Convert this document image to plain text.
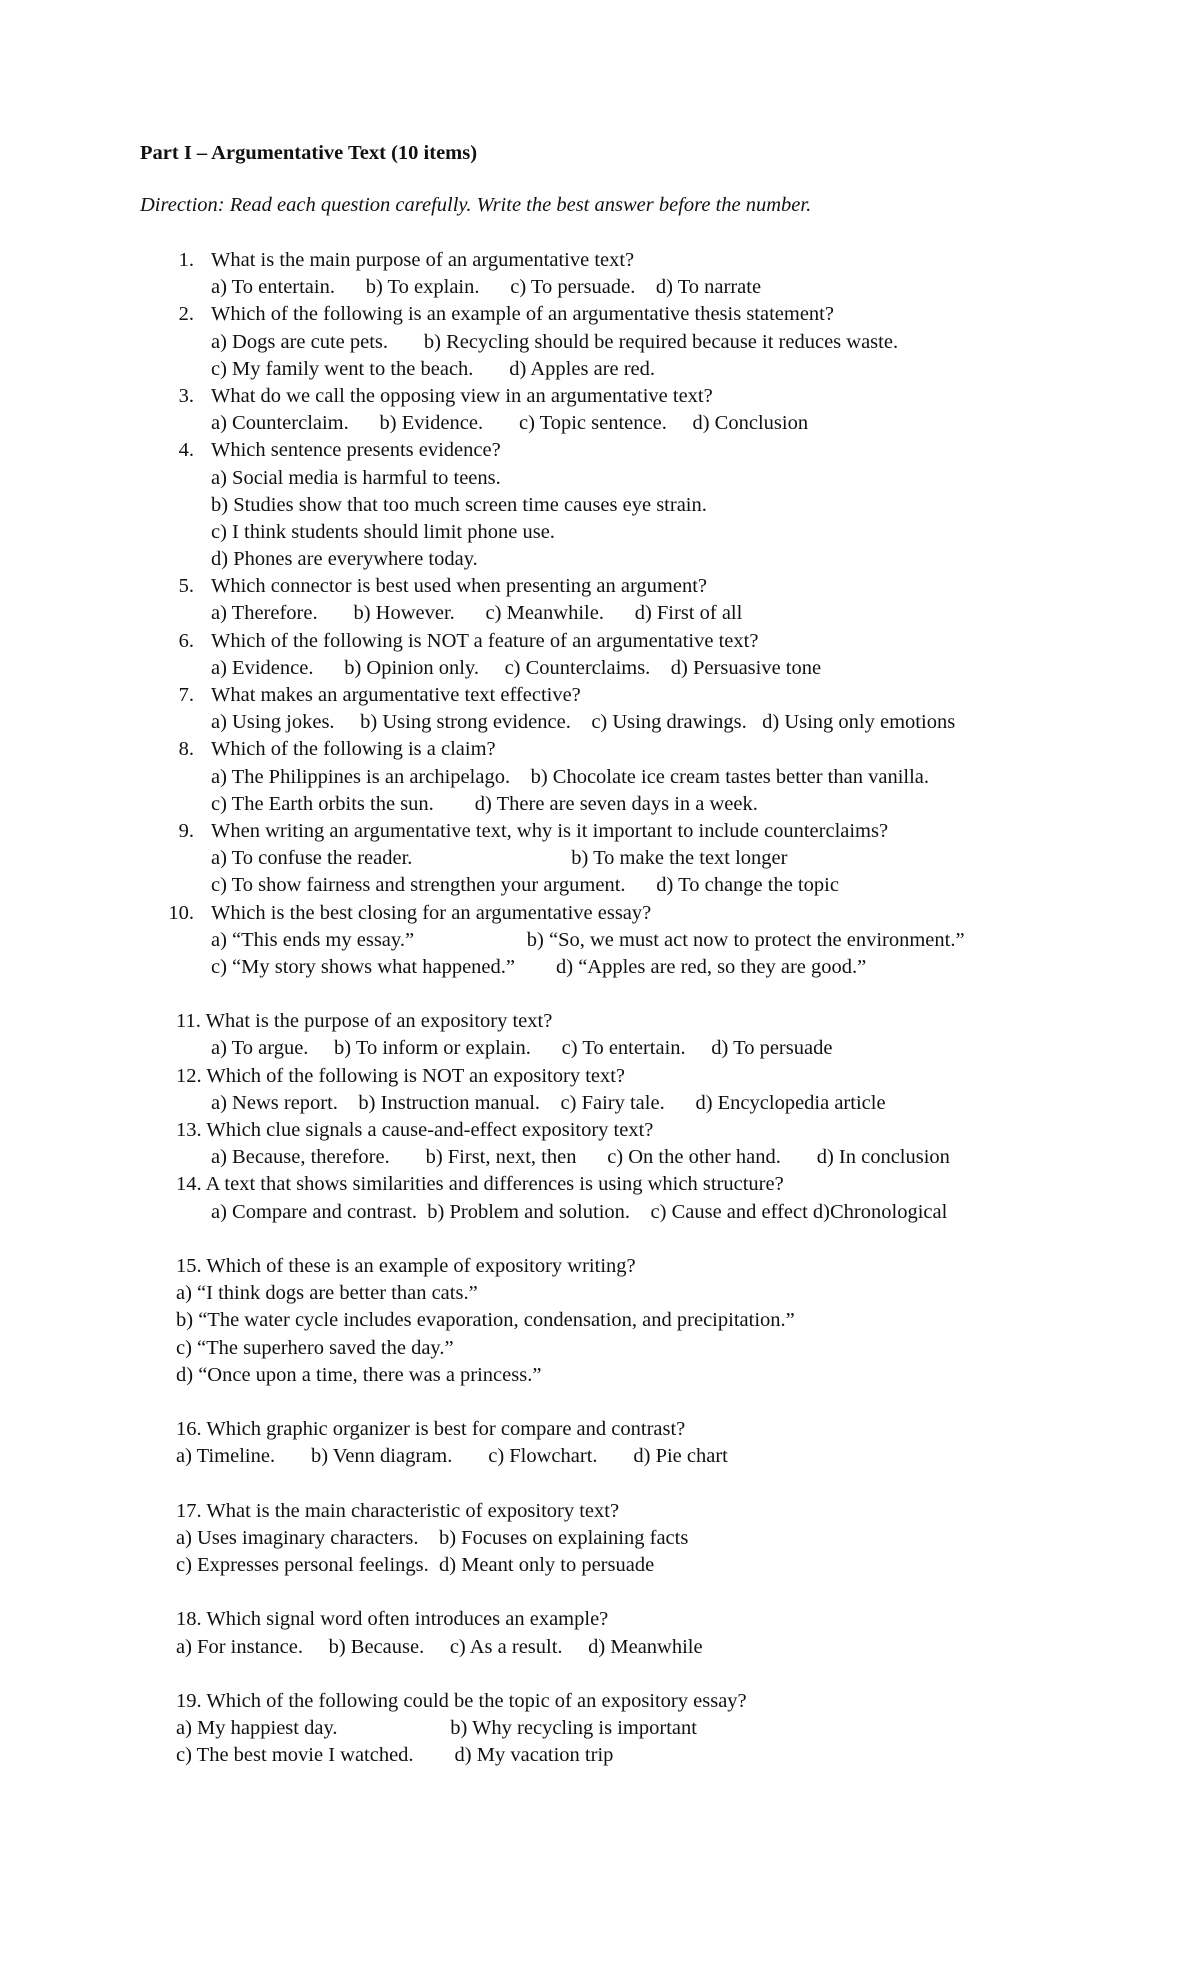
Part I – Argumentative Text (10 items)
Direction: Read each question carefully. Write the best answer before the number.
1. What is the main purpose of an argumentative text?
a) To entertain.      b) To explain.      c) To persuade.    d) To narrate
2. Which of the following is an example of an argumentative thesis statement?
a) Dogs are cute pets.       b) Recycling should be required because it reduces waste.
c) My family went to the beach.       d) Apples are red.
3. What do we call the opposing view in an argumentative text?
a) Counterclaim.      b) Evidence.       c) Topic sentence.     d) Conclusion
4. Which sentence presents evidence?
a) Social media is harmful to teens.
b) Studies show that too much screen time causes eye strain.
c) I think students should limit phone use.
d) Phones are everywhere today.
5. Which connector is best used when presenting an argument?
a) Therefore.       b) However.      c) Meanwhile.      d) First of all
6. Which of the following is NOT a feature of an argumentative text?
a) Evidence.      b) Opinion only.     c) Counterclaims.    d) Persuasive tone
7. What makes an argumentative text effective?
a) Using jokes.     b) Using strong evidence.    c) Using drawings.   d) Using only emotions
8. Which of the following is a claim?
a) The Philippines is an archipelago.    b) Chocolate ice cream tastes better than vanilla.
c) The Earth orbits the sun.        d) There are seven days in a week.
9. When writing an argumentative text, why is it important to include counterclaims?
a) To confuse the reader.                               b) To make the text longer
c) To show fairness and strengthen your argument.      d) To change the topic
10. Which is the best closing for an argumentative essay?
a) “This ends my essay.”                      b) “So, we must act now to protect the environment.”
c) “My story shows what happened.”        d) “Apples are red, so they are good.”
11. What is the purpose of an expository text?
a) To argue.     b) To inform or explain.      c) To entertain.     d) To persuade
12. Which of the following is NOT an expository text?
a) News report.    b) Instruction manual.    c) Fairy tale.      d) Encyclopedia article
13. Which clue signals a cause-and-effect expository text?
a) Because, therefore.       b) First, next, then      c) On the other hand.       d) In conclusion
14. A text that shows similarities and differences is using which structure?
a) Compare and contrast.  b) Problem and solution.    c) Cause and effect d)Chronological
15. Which of these is an example of expository writing?
a) “I think dogs are better than cats.”
b) “The water cycle includes evaporation, condensation, and precipitation.”
c) “The superhero saved the day.”
d) “Once upon a time, there was a princess.”
16. Which graphic organizer is best for compare and contrast?
a) Timeline.       b) Venn diagram.       c) Flowchart.       d) Pie chart
17. What is the main characteristic of expository text?
a) Uses imaginary characters.    b) Focuses on explaining facts
c) Expresses personal feelings.  d) Meant only to persuade
18. Which signal word often introduces an example?
a) For instance.     b) Because.     c) As a result.     d) Meanwhile
19. Which of the following could be the topic of an expository essay?
a) My happiest day.                      b) Why recycling is important
c) The best movie I watched.        d) My vacation trip
